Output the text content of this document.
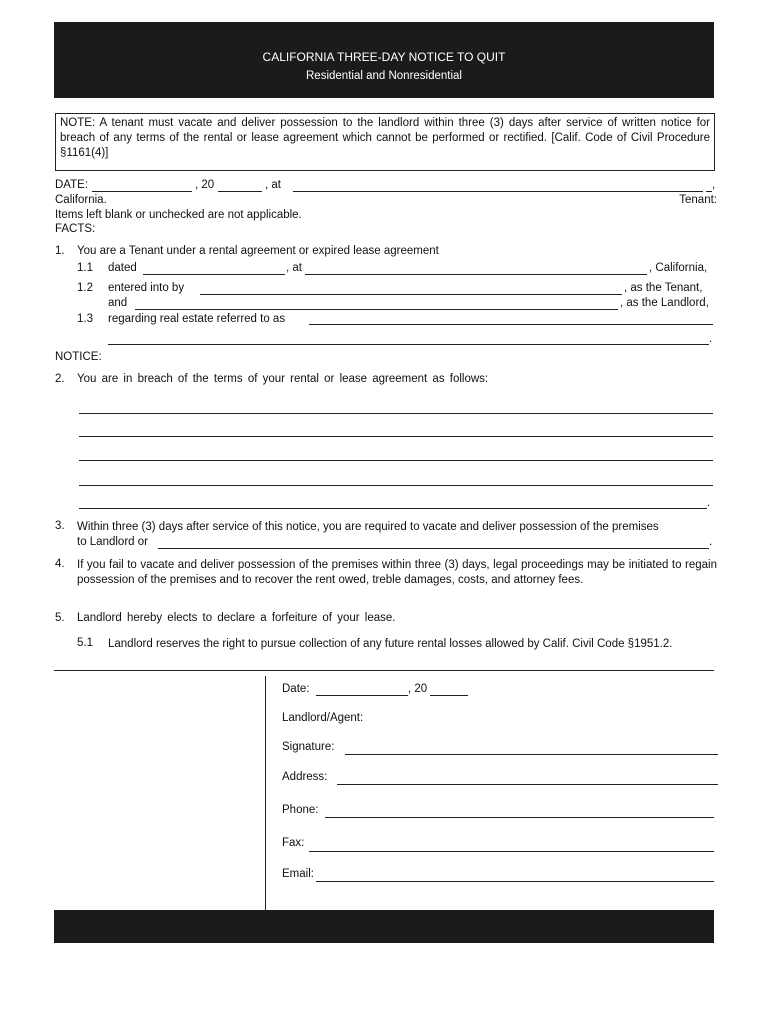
CALIFORNIA THREE-DAY NOTICE TO QUIT
Residential and Nonresidential
NOTE: A tenant must vacate and deliver possession to the landlord within three (3) days after service of written notice for breach of any terms of the rental or lease agreement which cannot be performed or rectified. [Calif. Code of Civil Procedure §1161(4)]
DATE:	, 20	, at	,
California.	Tenant:
Items left blank or unchecked are not applicable.
FACTS:
1. You are a Tenant under a rental agreement or expired lease agreement
1.1 dated	, at	, California,
1.2 entered into by	, as the Tenant,
and	, as the Landlord,
1.3 regarding real estate referred to as
.
NOTICE:
2. You are in breach of the terms of your rental or lease agreement as follows:
.
3. Within three (3) days after service of this notice, you are required to vacate and deliver possession of the premises
to Landlord or	.
4. If you fail to vacate and deliver possession of the premises within three (3) days, legal proceedings may be initiated to regain possession of the premises and to recover the rent owed, treble damages, costs, and attorney fees.
5. Landlord hereby elects to declare a forfeiture of your lease.
5.1 Landlord reserves the right to pursue collection of any future rental losses allowed by Calif. Civil Code §1951.2.
Date:	, 20
Landlord/Agent:
Signature:
Address:
Phone:
Fax:
Email:
